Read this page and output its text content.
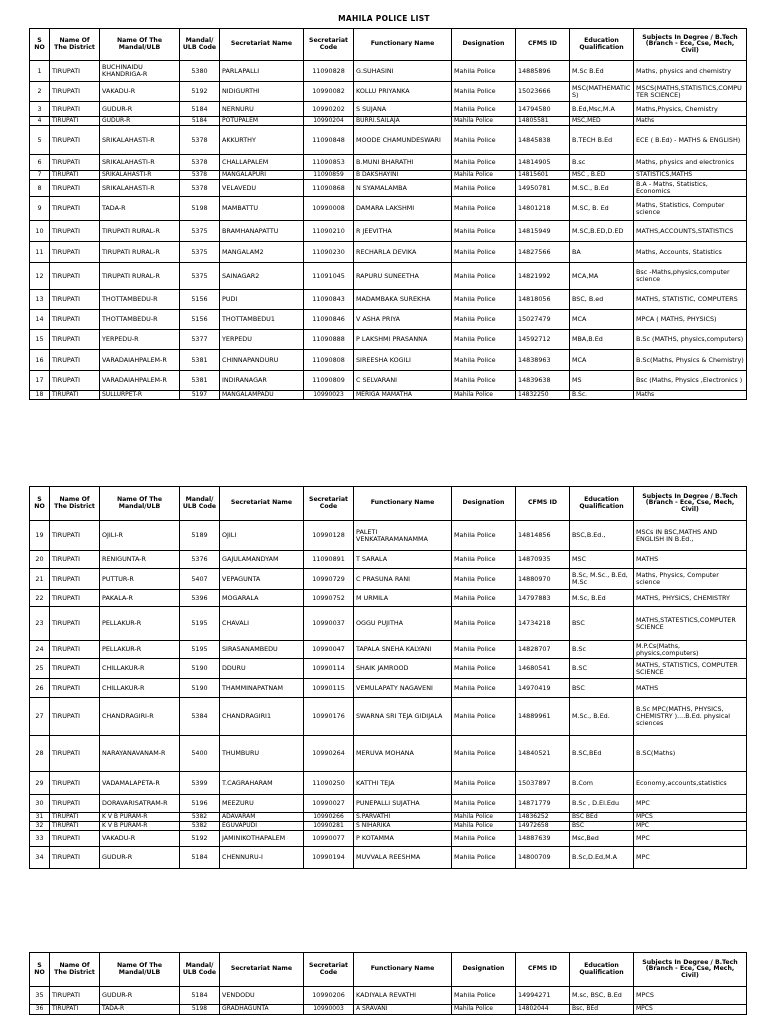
MAHILA POLICE LIST
S NO	Name Of The District	Name Of The Mandal/ULB	Mandal/ ULB Code	Secretariat Name	Secretariat Code	Functionary Name	Designation	CFMS ID	Education Qualification	Subjects In Degree / B.Tech (Branch - Ece, Cse, Mech, Civil)
1	TIRUPATI	BUCHINAIDU KHANDRIGA-R	5380	PARLAPALLI	11090828	G.SUHASINI	Mahila Police	14885896	M.Sc B.Ed	Maths, physics and chemistry
2	TIRUPATI	VAKADU-R	5192	NIDIGURTHI	10990082	KOLLU PRIYANKA	Mahila Police	15023666	MSC(MATHEMATICS)	MSCS(MATHS,STATISTICS,COMPUTER SCIENCE)
3	TIRUPATI	GUDUR-R	5184	NERNURU	10990202	S SUJANA	Mahila Police	14794580	B.Ed,Msc,M.A	Maths,Physics, Chemistry
4	TIRUPATI	GUDUR-R	5184	POTUPALEM	10990204	BURRI.SAILAJA	Mahila Police	14805581	MSC,MED	Maths
5	TIRUPATI	SRIKALAHASTI-R	5378	AKKURTHY	11090848	MOODE CHAMUNDESWARI	Mahila Police	14845838	B.TECH B.Ed	ECE ( B.Ed) - MATHS & ENGLISH)
6	TIRUPATI	SRIKALAHASTI-R	5378	CHALLAPALEM	11090853	B.MUNI BHARATHI	Mahila Police	14814905	B.sc	Maths, physics and electronics
7	TIRUPATI	SRIKALAHASTI-R	5378	MANGALAPURI	11090859	B DAKSHAYINI	Mahila Police	14815601	MSC , B.ED	STATISTICS,MATHS
8	TIRUPATI	SRIKALAHASTI-R	5378	VELAVEDU	11090868	N SYAMALAMBA	Mahila Police	14950781	M.SC., B.Ed	B.A - Maths, Statistics, Economics
9	TIRUPATI	TADA-R	5198	MAMBATTU	10990008	DAMARA LAKSHMI	Mahila Police	14801218	M.SC, B. Ed	Maths, Statistics, Computer science
10	TIRUPATI	TIRUPATI RURAL-R	5375	BRAMHANAPATTU	11090210	R JEEVITHA	Mahila Police	14815949	M.SC,B.ED,D.ED	MATHS,ACCOUNTS,STATISTICS
11	TIRUPATI	TIRUPATI RURAL-R	5375	MANGALAM2	11090230	RECHARLA DEVIKA	Mahila Police	14827566	BA	Maths, Accounts, Statistics
12	TIRUPATI	TIRUPATI RURAL-R	5375	SAINAGAR2	11091045	RAPURU SUNEETHA	Mahila Police	14821992	MCA,MA	Bsc -Maths,physics,computer science
13	TIRUPATI	THOTTAMBEDU-R	5156	PUDI	11090843	MADAMBAKA SUREKHA	Mahila Police	14818056	BSC, B.ed	MATHS, STATISTIC, COMPUTERS
14	TIRUPATI	THOTTAMBEDU-R	5156	THOTTAMBEDU1	11090846	V ASHA PRIYA	Mahila Police	15027479	MCA	MPCA ( MATHS, PHYSICS)
15	TIRUPATI	YERPEDU-R	5377	YERPEDU	11090888	P LAKSHMI PRASANNA	Mahila Police	14592712	MBA,B.Ed	B.Sc (MATHS, physics,computers)
16	TIRUPATI	VARADAIAHPALEM-R	5381	CHINNAPANDURU	11090808	SIREESHA KOGILI	Mahila Police	14838963	MCA	B.Sc(Maths, Physics & Chemistry)
17	TIRUPATI	VARADAIAHPALEM-R	5381	INDIRANAGAR	11090809	C SELVARANI	Mahila Police	14839638	MS	Bsc (Maths, Physics ,Electronics )
18	TIRUPATI	SULLURPET-R	5197	MANGALAMPADU	10990023	MERIGA MAMATHA	Mahila Police	14832250	B.Sc.	Maths
S NO	Name Of The District	Name Of The Mandal/ULB	Mandal/ ULB Code	Secretariat Name	Secretariat Code	Functionary Name	Designation	CFMS ID	Education Qualification	Subjects In Degree / B.Tech (Branch - Ece, Cse, Mech, Civil)
19	TIRUPATI	OJILI-R	5189	OJILI	10990128	PALETI VENKATARAMANAMMA	Mahila Police	14814856	BSC,B.Ed.,	MSCs IN BSC,MATHS AND ENGLISH IN B.Ed.,
20	TIRUPATI	RENIGUNTA-R	5376	GAJULAMANDYAM	11090891	T SARALA	Mahila Police	14870935	MSC	MATHS
21	TIRUPATI	PUTTUR-R	5407	VEPAGUNTA	10990729	C PRASUNA RANI	Mahila Police	14880970	B.Sc, M.Sc., B.Ed, M.Sc	Maths, Physics, Computer science
22	TIRUPATI	PAKALA-R	5396	MOGARALA	10990752	M URMILA	Mahila Police	14797883	M.Sc, B.Ed	MATHS, PHYSICS, CHEMISTRY
23	TIRUPATI	PELLAKUR-R	5195	CHAVALI	10990037	OGGU PUJITHA	Mahila Police	14734218	BSC	MATHS,STATESTICS,COMPUTER SCIENCE
24	TIRUPATI	PELLAKUR-R	5195	SIRASANAMBEDU	10990047	TAPALA SNEHA KALYANI	Mahila Police	14828707	B.Sc	M.P.Cs(Maths, physics,computers)
25	TIRUPATI	CHILLAKUR-R	5190	DDURU	10990114	SHAIK JAMROOD	Mahila Police	14680541	B.SC	MATHS, STATISTICS, COMPUTER SCIENCE
26	TIRUPATI	CHILLAKUR-R	5190	THAMMINAPATNAM	10990115	VEMULAPATY NAGAVENI	Mahila Police	14970419	BSC	MATHS
27	TIRUPATI	CHANDRAGIRI-R	5384	CHANDRAGIRI1	10990176	SWARNA SRI TEJA GIDIJALA	Mahila Police	14889961	M.Sc., B.Ed.	B.Sc MPC(MATHS, PHYSICS, CHEMISTRY )....B.Ed. physical sciences
28	TIRUPATI	NARAYANAVANAM-R	5400	THUMBURU	10990264	MERUVA MOHANA	Mahila Police	14840521	B.SC,BEd	B.SC(Maths)
29	TIRUPATI	VADAMALAPETA-R	5399	T.CAGRAHARAM	11090250	KATTHI TEJA	Mahila Police	15037897	B.Com	Economy,accounts,statistics
30	TIRUPATI	DORAVARISATRAM-R	5196	MEEZURU	10990027	PUNEPALLI SUJATHA	Mahila Police	14871779	B.Sc , D.El.Edu	MPC
31	TIRUPATI	K V B PURAM-R	5382	ADAVARAM	10990266	S.PARVATHI	Mahila Police	14836252	BSC BEd	MPCS
32	TIRUPATI	K V B PURAM-R	5382	EGUVAPUDI	10990281	S NIHARIKA	Mahila Police	14972658	BSC	MPC
33	TIRUPATI	VAKADU-R	5192	JAMINIKOTHAPALEM	10990077	P KOTAMMA	Mahila Police	14887639	Msc,Bed	MPC
34	TIRUPATI	GUDUR-R	5184	CHENNURU-I	10990194	MUVVALA REESHMA	Mahila Police	14800709	B.Sc,D.Ed,M.A	MPC
S NO	Name Of The District	Name Of The Mandal/ULB	Mandal/ ULB Code	Secretariat Name	Secretariat Code	Functionary Name	Designation	CFMS ID	Education Qualification	Subjects In Degree / B.Tech (Branch - Ece, Cse, Mech, Civil)
35	TIRUPATI	GUDUR-R	5184	VENDODU	10990206	KADIYALA REVATHI	Mahila Police	14994271	M.sc, BSC, B.Ed	MPCS
36	TIRUPATI	TADA-R	5198	GRADHAGUNTA	10990003	A SRAVANI	Mahila Police	14802044	Bsc, BEd	MPCS
